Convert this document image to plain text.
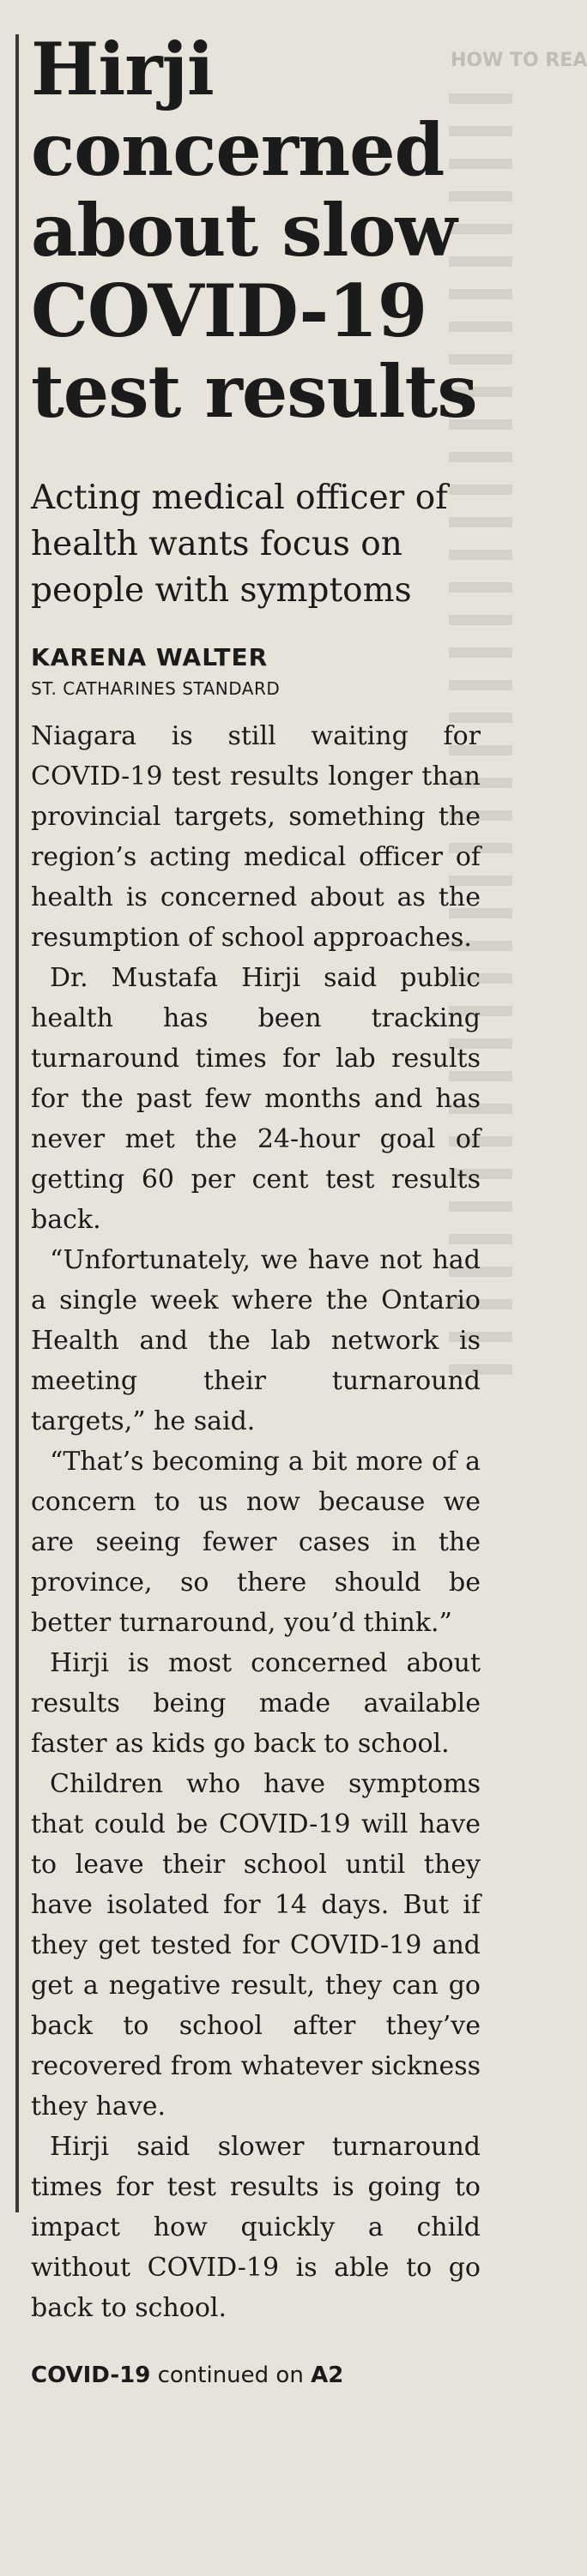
HOW TO REA
Hirji concerned about slow COVID-19 test results

Acting medical officer of health wants focus on people with symptoms

KARENA WALTER
ST. CATHARINES STANDARD

Niagara is still waiting for COVID-19 test results longer than provincial targets, something the region’s acting medical officer of health is concerned about as the resumption of school approaches.

Dr. Mustafa Hirji said public health has been tracking turnaround times for lab results for the past few months and has never met the 24-hour goal of getting 60 per cent test results back.

“Unfortunately, we have not had a single week where the Ontario Health and the lab network is meeting their turnaround targets,” he said.

“That’s becoming a bit more of a concern to us now because we are seeing fewer cases in the province, so there should be better turnaround, you’d think.”

Hirji is most concerned about results being made available faster as kids go back to school.

Children who have symptoms that could be COVID-19 will have to leave their school until they have isolated for 14 days. But if they get tested for COVID-19 and get a negative result, they can go back to school after they’ve recovered from whatever sickness they have.

Hirji said slower turnaround times for test results is going to impact how quickly a child without COVID-19 is able to go back to school.

COVID-19 continued on A2
